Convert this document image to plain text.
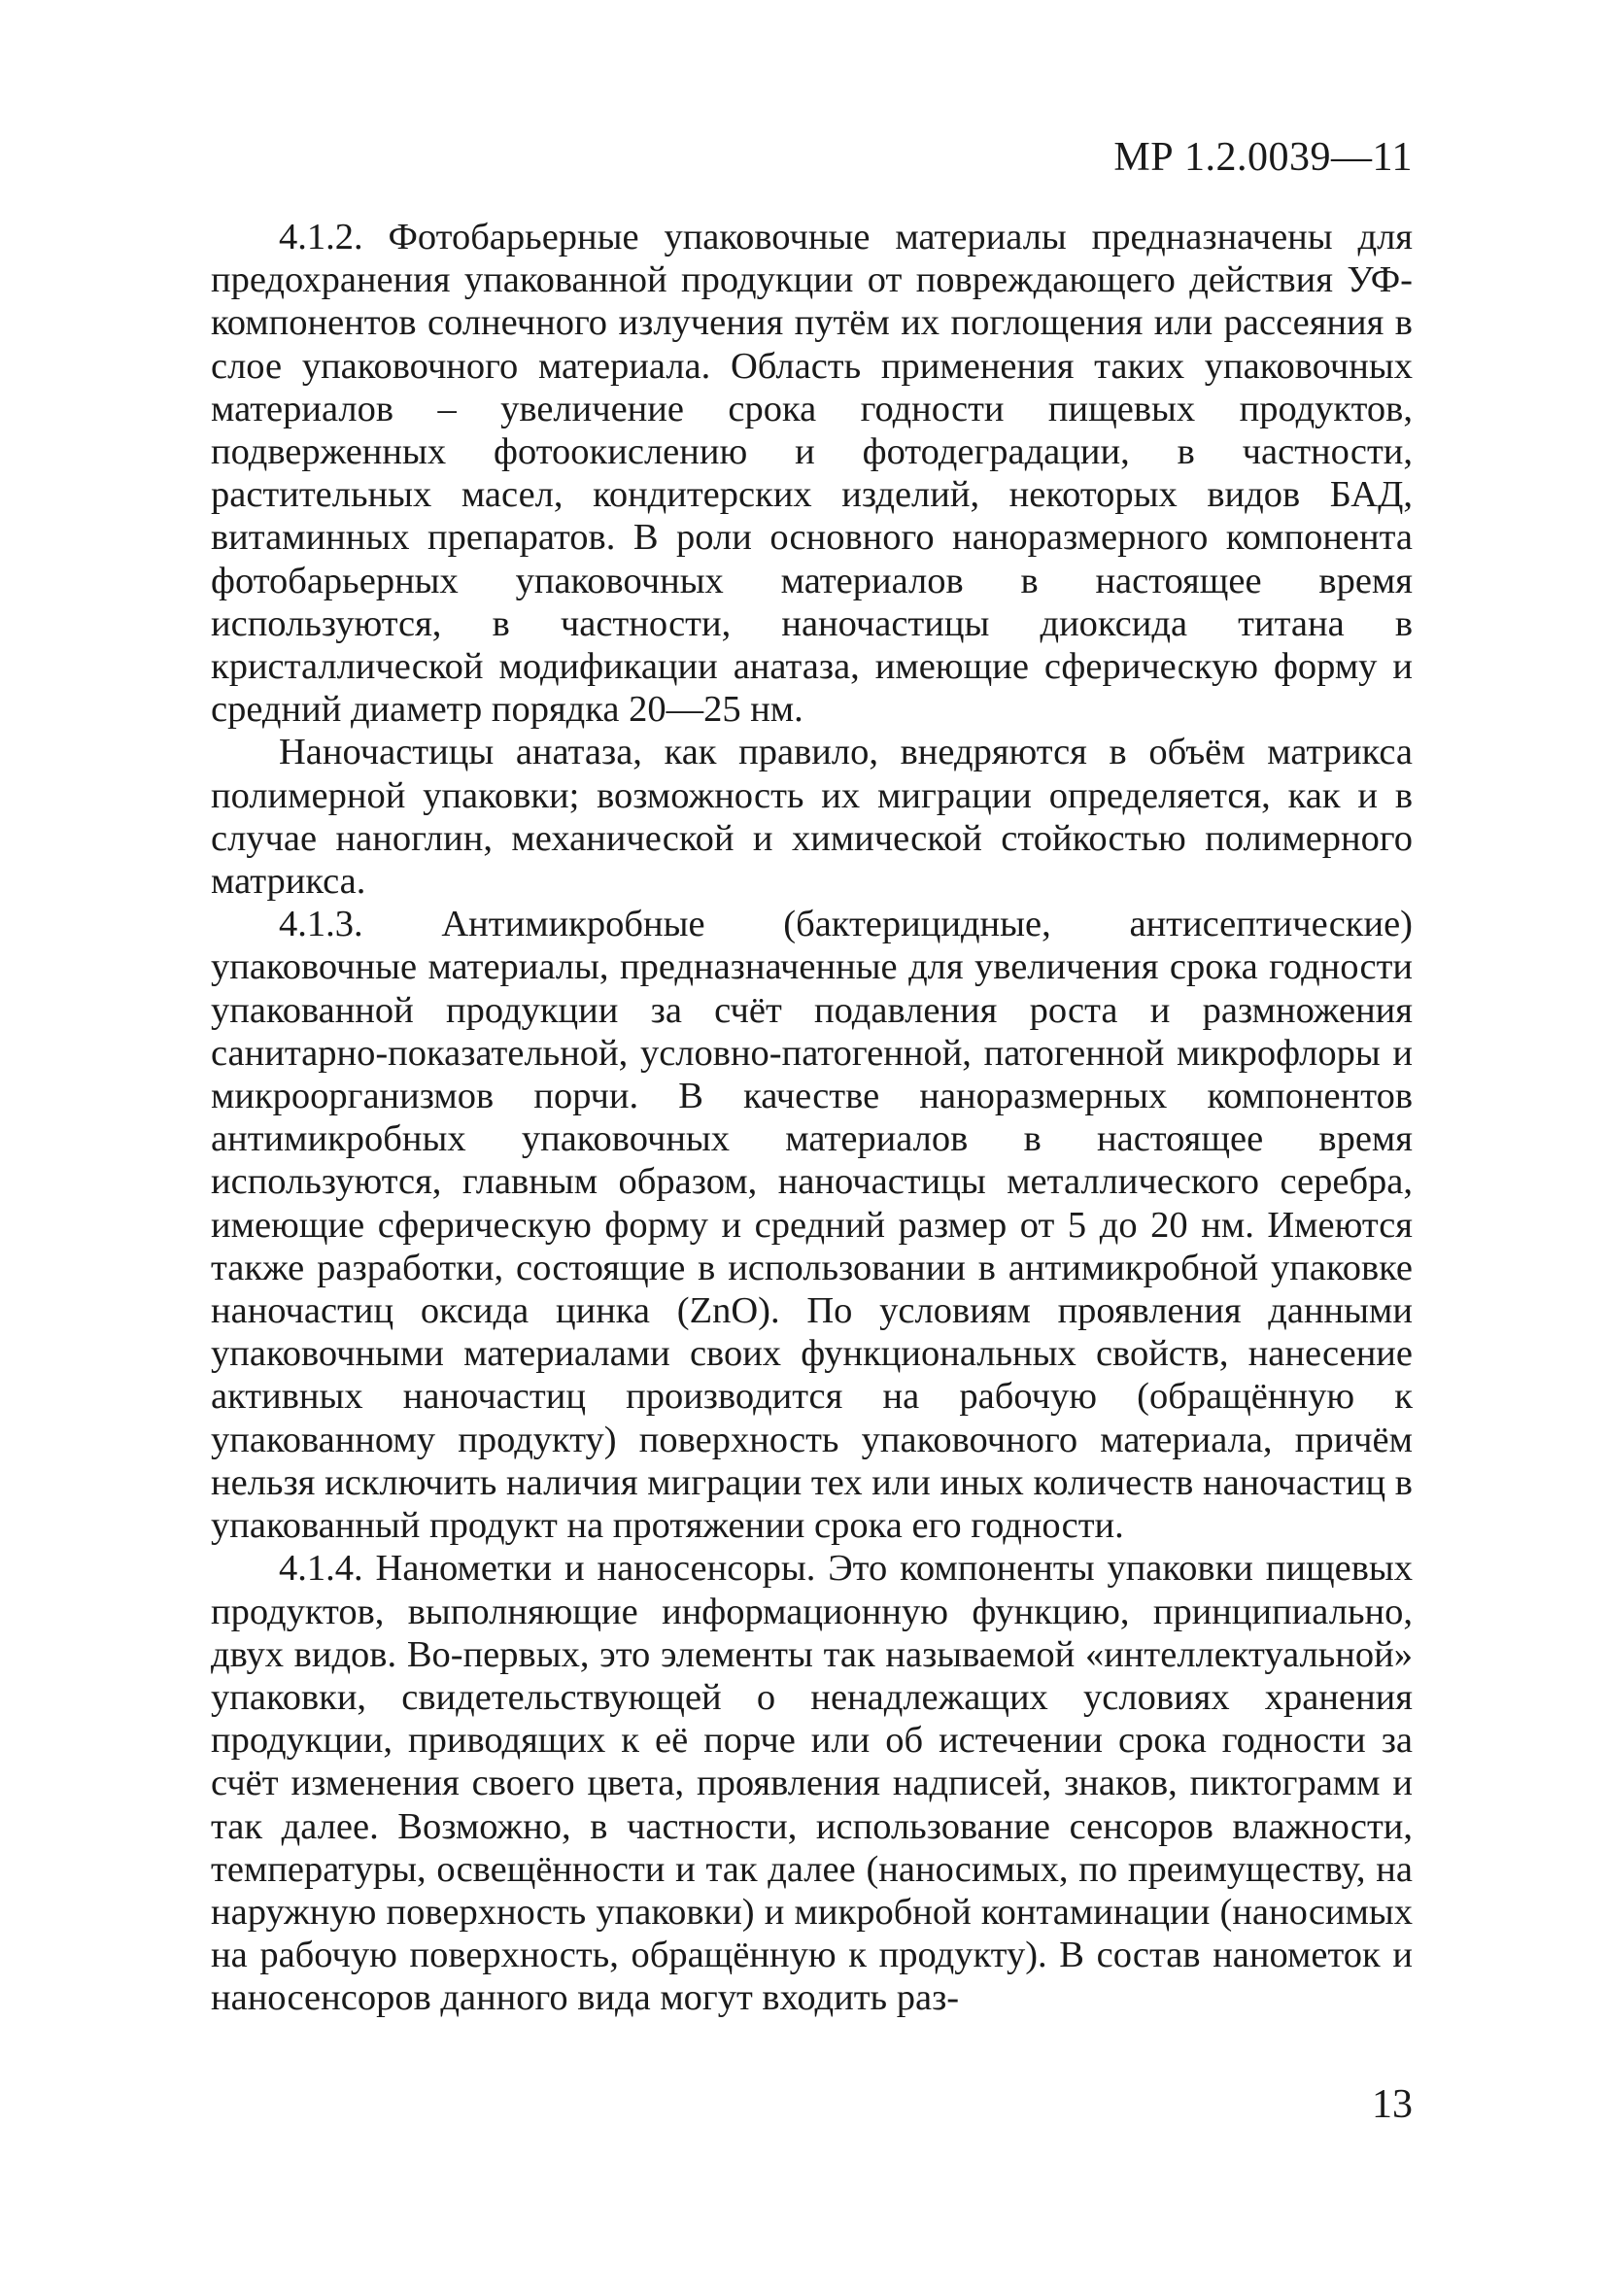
МР 1.2.0039—11

4.1.2. Фотобарьерные упаковочные материалы предназначены для предохранения упакованной продукции от повреждающего действия УФ-компонентов солнечного излучения путём их поглощения или рассеяния в слое упаковочного материала. Область применения таких упаковочных материалов – увеличение срока годности пищевых продуктов, подверженных фотоокислению и фотодеградации, в частности, растительных масел, кондитерских изделий, некоторых видов БАД, витаминных препаратов. В роли основного наноразмерного компонента фотобарьерных упаковочных материалов в настоящее время используются, в частности, наночастицы диоксида титана в кристаллической модификации анатаза, имеющие сферическую форму и средний диаметр порядка 20—25 нм.

Наночастицы анатаза, как правило, внедряются в объём матрикса полимерной упаковки; возможность их миграции определяется, как и в случае наноглин, механической и химической стойкостью полимерного матрикса.

4.1.3. Антимикробные (бактерицидные, антисептические) упаковочные материалы, предназначенные для увеличения срока годности упакованной продукции за счёт подавления роста и размножения санитарно-показательной, условно-патогенной, патогенной микрофлоры и микроорганизмов порчи. В качестве наноразмерных компонентов антимикробных упаковочных материалов в настоящее время используются, главным образом, наночастицы металлического серебра, имеющие сферическую форму и средний размер от 5 до 20 нм. Имеются также разработки, состоящие в использовании в антимикробной упаковке наночастиц оксида цинка (ZnO). По условиям проявления данными упаковочными материалами своих функциональных свойств, нанесение активных наночастиц производится на рабочую (обращённую к упакованному продукту) поверхность упаковочного материала, причём нельзя исключить наличия миграции тех или иных количеств наночастиц в упакованный продукт на протяжении срока его годности.

4.1.4. Нанометки и наносенсоры. Это компоненты упаковки пищевых продуктов, выполняющие информационную функцию, принципиально, двух видов. Во-первых, это элементы так называемой «интеллектуальной» упаковки, свидетельствующей о ненадлежащих условиях хранения продукции, приводящих к её порче или об истечении срока годности за счёт изменения своего цвета, проявления надписей, знаков, пиктограмм и так далее. Возможно, в частности, использование сенсоров влажности, температуры, освещённости и так далее (наносимых, по преимуществу, на наружную поверхность упаковки) и микробной контаминации (наносимых на рабочую поверхность, обращённую к продукту). В состав нанометок и наносенсоров данного вида могут входить раз-

13
